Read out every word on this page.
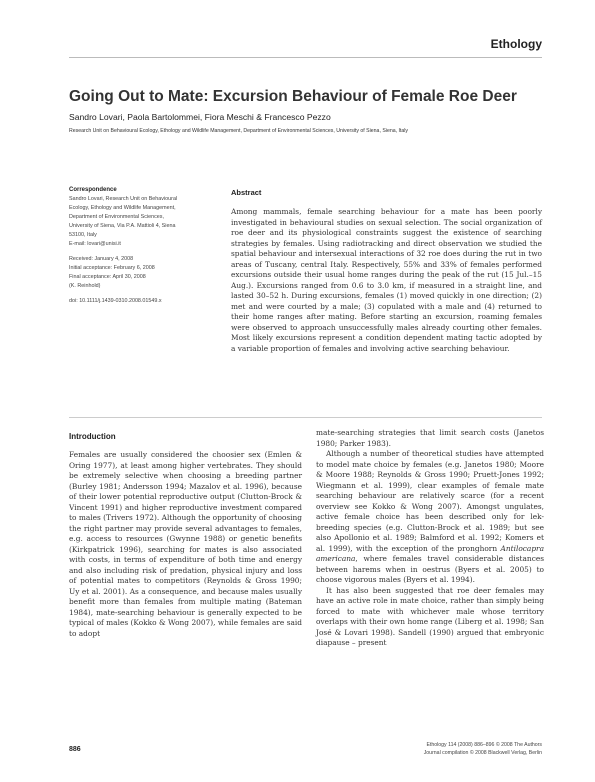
Ethology
Going Out to Mate: Excursion Behaviour of Female Roe Deer
Sandro Lovari, Paola Bartolommei, Fiora Meschi & Francesco Pezzo
Research Unit on Behavioural Ecology, Ethology and Wildlife Management, Department of Environmental Sciences, University of Siena, Siena, Italy

Correspondence

Sandro Lovari, Research Unit on Behavioural

Ecology, Ethology and Wildlife Management,

Department of Environmental Sciences,

University of Siena, Via P.A. Mattioli 4, Siena

53100, Italy

E-mail: lovari@unisi.it

Received: January 4, 2008

Initial acceptance: February 6, 2008

Final acceptance: April 30, 2008

(K. Reinhold)

doi: 10.1111/j.1439-0310.2008.01549.x

Abstract

Among mammals, female searching behaviour for a mate has been poorly investigated in behavioural studies on sexual selection. The social organization of roe deer and its physiological constraints suggest the existence of searching strategies by females. Using radiotracking and direct observation we studied the spatial behaviour and intersexual interactions of 32 roe does during the rut in two areas of Tuscany, central Italy. Respectively, 55% and 33% of females performed excursions outside their usual home ranges during the peak of the rut (15 Jul.–15 Aug.). Excursions ranged from 0.6 to 3.0 km, if measured in a straight line, and lasted 30–52 h. During excursions, females (1) moved quickly in one direction; (2) met and were courted by a male; (3) copulated with a male and (4) returned to their home ranges after mating. Before starting an excursion, roaming females were observed to approach unsuccessfully males already courting other females. Most likely excursions represent a condition dependent mating tactic adopted by a variable proportion of females and involving active searching behaviour.

Introduction

Females are usually considered the choosier sex (Emlen & Oring 1977), at least among higher vertebrates. They should be extremely selective when choosing a breeding partner (Burley 1981; Andersson 1994; Mazalov et al. 1996), because of their lower potential reproductive output (Clutton-Brock & Vincent 1991) and higher reproductive investment compared to males (Trivers 1972). Although the opportunity of choosing the right partner may provide several advantages to females, e.g. access to resources (Gwynne 1988) or genetic benefits (Kirkpatrick 1996), searching for mates is also associated with costs, in terms of expenditure of both time and energy and also including risk of predation, physical injury and loss of potential mates to competitors (Reynolds & Gross 1990; Uy et al. 2001). As a consequence, and because males usually benefit more than females from multiple mating (Bateman 1984), mate-searching behaviour is generally expected to be typical of males (Kokko & Wong 2007), while females are said to adopt

mate-searching strategies that limit search costs (Janetos 1980; Parker 1983).

Although a number of theoretical studies have attempted to model mate choice by females (e.g. Janetos 1980; Moore & Moore 1988; Reynolds & Gross 1990; Pruett-Jones 1992; Wiegmann et al. 1999), clear examples of female mate searching behaviour are relatively scarce (for a recent overview see Kokko & Wong 2007). Amongst ungulates, active female choice has been described only for lek-breeding species (e.g. Clutton-Brock et al. 1989; but see also Apollonio et al. 1989; Balmford et al. 1992; Komers et al. 1999), with the exception of the pronghorn Antilocapra americana, where females travel considerable distances between harems when in oestrus (Byers et al. 2005) to choose vigorous males (Byers et al. 1994).

It has also been suggested that roe deer females may have an active role in mate choice, rather than simply being forced to mate with whichever male whose territory overlaps with their own home range (Liberg et al. 1998; San José & Lovari 1998). Sandell (1990) argued that embryonic diapause – present

886
Ethology 114 (2008) 886–896 © 2008 The Authors
Journal compilation © 2008 Blackwell Verlag, Berlin
